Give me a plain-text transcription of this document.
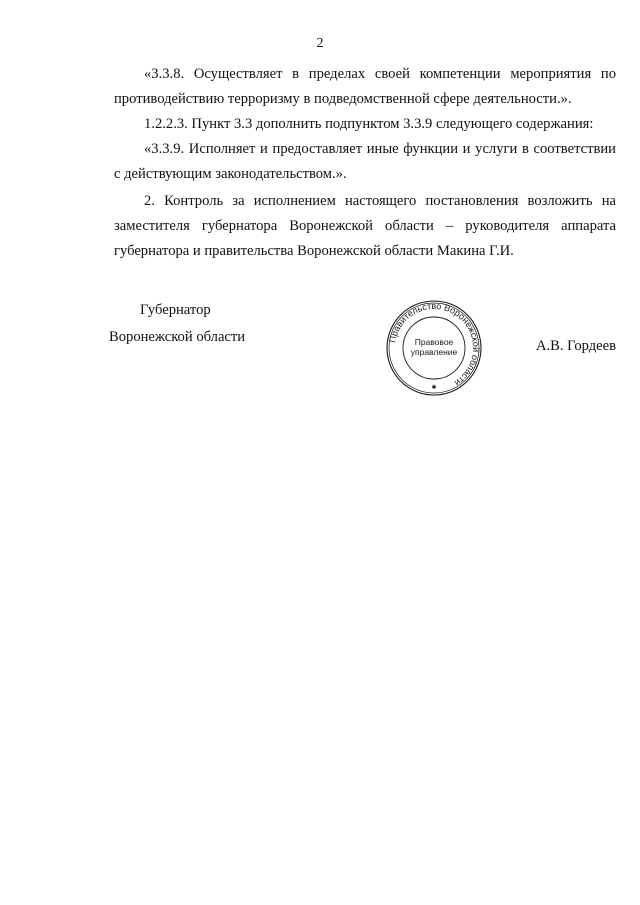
2

«3.3.8. Осуществляет в пределах своей компетенции мероприятия по противодействию терроризму в подведомственной сфере деятельности.».

1.2.2.3. Пункт 3.3 дополнить подпунктом 3.3.9 следующего содержания:

«3.3.9. Исполняет и предоставляет иные функции и услуги в соответствии с действующим законодательством.».

2. Контроль за исполнением настоящего постановления возложить на заместителя губернатора Воронежской области – руководителя аппарата губернатора и правительства Воронежской области Макина Г.И.

Губернатор
Воронежской области	Правительство Воронежской области
Правовое
управление
✱
А.В. Гордеев
